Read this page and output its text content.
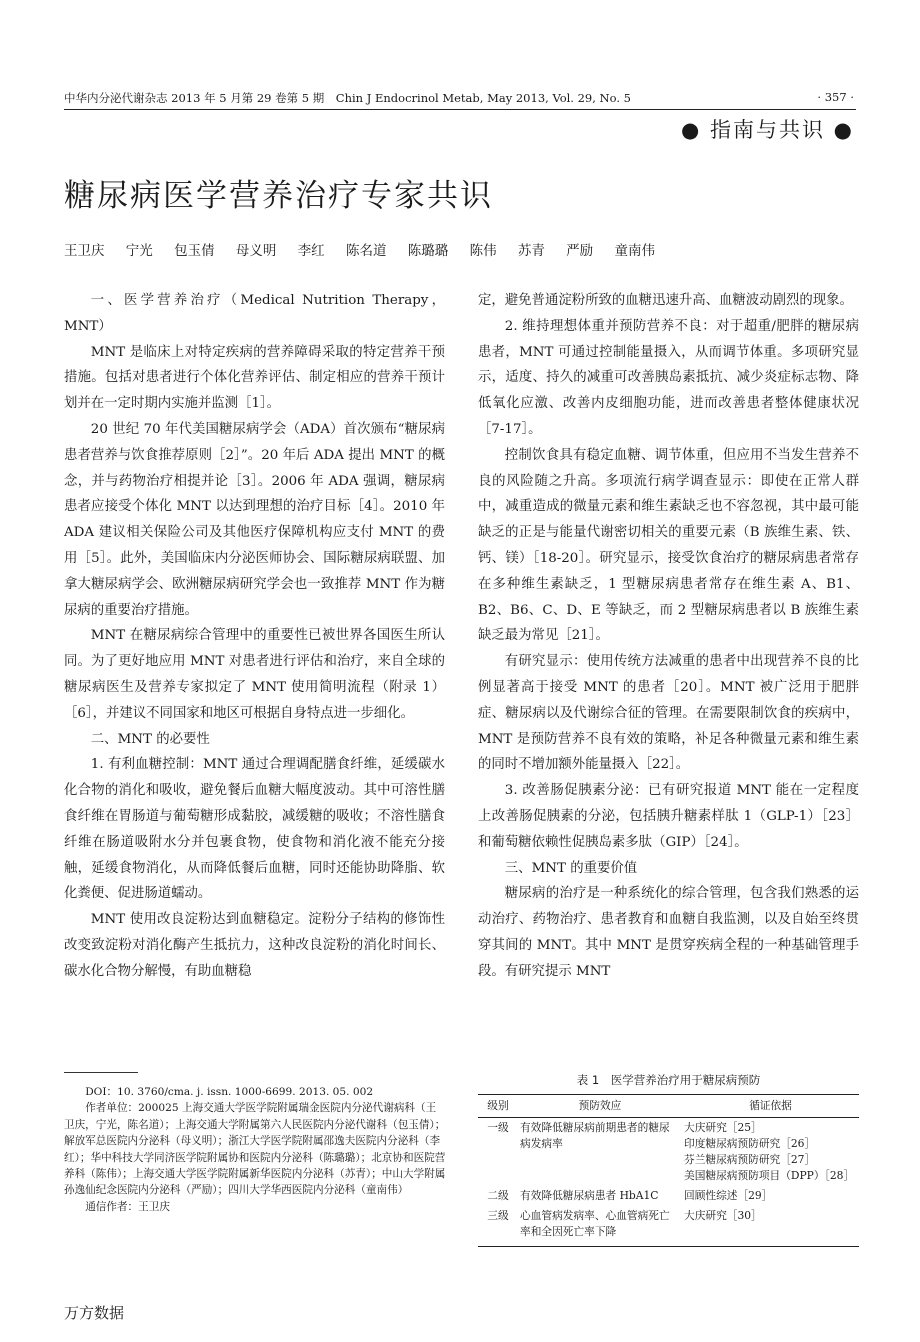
中华内分泌代谢杂志 2013 年 5 月第 29 卷第 5 期　Chin J Endocrinol Metab, May 2013, Vol. 29, No. 5	· 357 ·
● 指南与共识 ●
糖尿病医学营养治疗专家共识
王卫庆 宁光 包玉倩 母义明 李红 陈名道 陈璐璐 陈伟 苏青 严励 童南伟

一、医学营养治疗（Medical Nutrition Therapy，MNT）

MNT 是临床上对特定疾病的营养障碍采取的特定营养干预措施。包括对患者进行个体化营养评估、制定相应的营养干预计划并在一定时期内实施并监测［1］。

20 世纪 70 年代美国糖尿病学会（ADA）首次颁布“糖尿病患者营养与饮食推荐原则［2］”。20 年后 ADA 提出 MNT 的概念，并与药物治疗相提并论［3］。2006 年 ADA 强调，糖尿病患者应接受个体化 MNT 以达到理想的治疗目标［4］。2010 年 ADA 建议相关保险公司及其他医疗保障机构应支付 MNT 的费用［5］。此外，美国临床内分泌医师协会、国际糖尿病联盟、加拿大糖尿病学会、欧洲糖尿病研究学会也一致推荐 MNT 作为糖尿病的重要治疗措施。

MNT 在糖尿病综合管理中的重要性已被世界各国医生所认同。为了更好地应用 MNT 对患者进行评估和治疗，来自全球的糖尿病医生及营养专家拟定了 MNT 使用简明流程（附录 1）［6］，并建议不同国家和地区可根据自身特点进一步细化。

二、MNT 的必要性

1. 有利血糖控制：MNT 通过合理调配膳食纤维，延缓碳水化合物的消化和吸收，避免餐后血糖大幅度波动。其中可溶性膳食纤维在胃肠道与葡萄糖形成黏胶，减缓糖的吸收；不溶性膳食纤维在肠道吸附水分并包裹食物，使食物和消化液不能充分接触，延缓食物消化，从而降低餐后血糖，同时还能协助降脂、软化粪便、促进肠道蠕动。

MNT 使用改良淀粉达到血糖稳定。淀粉分子结构的修饰性改变致淀粉对消化酶产生抵抗力，这种改良淀粉的消化时间长、碳水化合物分解慢，有助血糖稳

定，避免普通淀粉所致的血糖迅速升高、血糖波动剧烈的现象。

2. 维持理想体重并预防营养不良：对于超重/肥胖的糖尿病患者，MNT 可通过控制能量摄入，从而调节体重。多项研究显示，适度、持久的减重可改善胰岛素抵抗、减少炎症标志物、降低氧化应激、改善内皮细胞功能，进而改善患者整体健康状况［7-17］。

控制饮食具有稳定血糖、调节体重，但应用不当发生营养不良的风险随之升高。多项流行病学调查显示：即使在正常人群中，减重造成的微量元素和维生素缺乏也不容忽视，其中最可能缺乏的正是与能量代谢密切相关的重要元素（B 族维生素、铁、钙、镁）［18-20］。研究显示，接受饮食治疗的糖尿病患者常存在多种维生素缺乏，1 型糖尿病患者常存在维生素 A、B1、B2、B6、C、D、E 等缺乏，而 2 型糖尿病患者以 B 族维生素缺乏最为常见［21］。

有研究显示：使用传统方法减重的患者中出现营养不良的比例显著高于接受 MNT 的患者［20］。MNT 被广泛用于肥胖症、糖尿病以及代谢综合征的管理。在需要限制饮食的疾病中，MNT 是预防营养不良有效的策略，补足各种微量元素和维生素的同时不增加额外能量摄入［22］。

3. 改善肠促胰素分泌：已有研究报道 MNT 能在一定程度上改善肠促胰素的分泌，包括胰升糖素样肽 1（GLP-1）［23］和葡萄糖依赖性促胰岛素多肽（GIP）［24］。

三、MNT 的重要价值

糖尿病的治疗是一种系统化的综合管理，包含我们熟悉的运动治疗、药物治疗、患者教育和血糖自我监测，以及自始至终贯穿其间的 MNT。其中 MNT 是贯穿疾病全程的一种基础管理手段。有研究提示 MNT

DOI：10. 3760/cma. j. issn. 1000-6699. 2013. 05. 002

作者单位：200025 上海交通大学医学院附属瑞金医院内分泌代谢病科（王卫庆，宁光，陈名道）；上海交通大学附属第六人民医院内分泌代谢科（包玉倩）；解放军总医院内分泌科（母义明）；浙江大学医学院附属邵逸夫医院内分泌科（李红）；华中科技大学同济医学院附属协和医院内分泌科（陈璐璐）；北京协和医院营养科（陈伟）；上海交通大学医学院附属新华医院内分泌科（苏青）；中山大学附属孙逸仙纪念医院内分泌科（严励）；四川大学华西医院内分泌科（童南伟）

通信作者：王卫庆

表 1　医学营养治疗用于糖尿病预防
级别	预防效应	循证依据
一级	有效降低糖尿病前期患者的糖尿病发病率	大庆研究［25］
印度糖尿病预防研究［26］
芬兰糖尿病预防研究［27］
美国糖尿病预防项目（DPP）［28］

二级	有效降低糖尿病患者 HbA1C	回顾性综述［29］

三级	心血管病发病率、心血管病死亡率和全因死亡率下降	大庆研究［30］
万方数据
